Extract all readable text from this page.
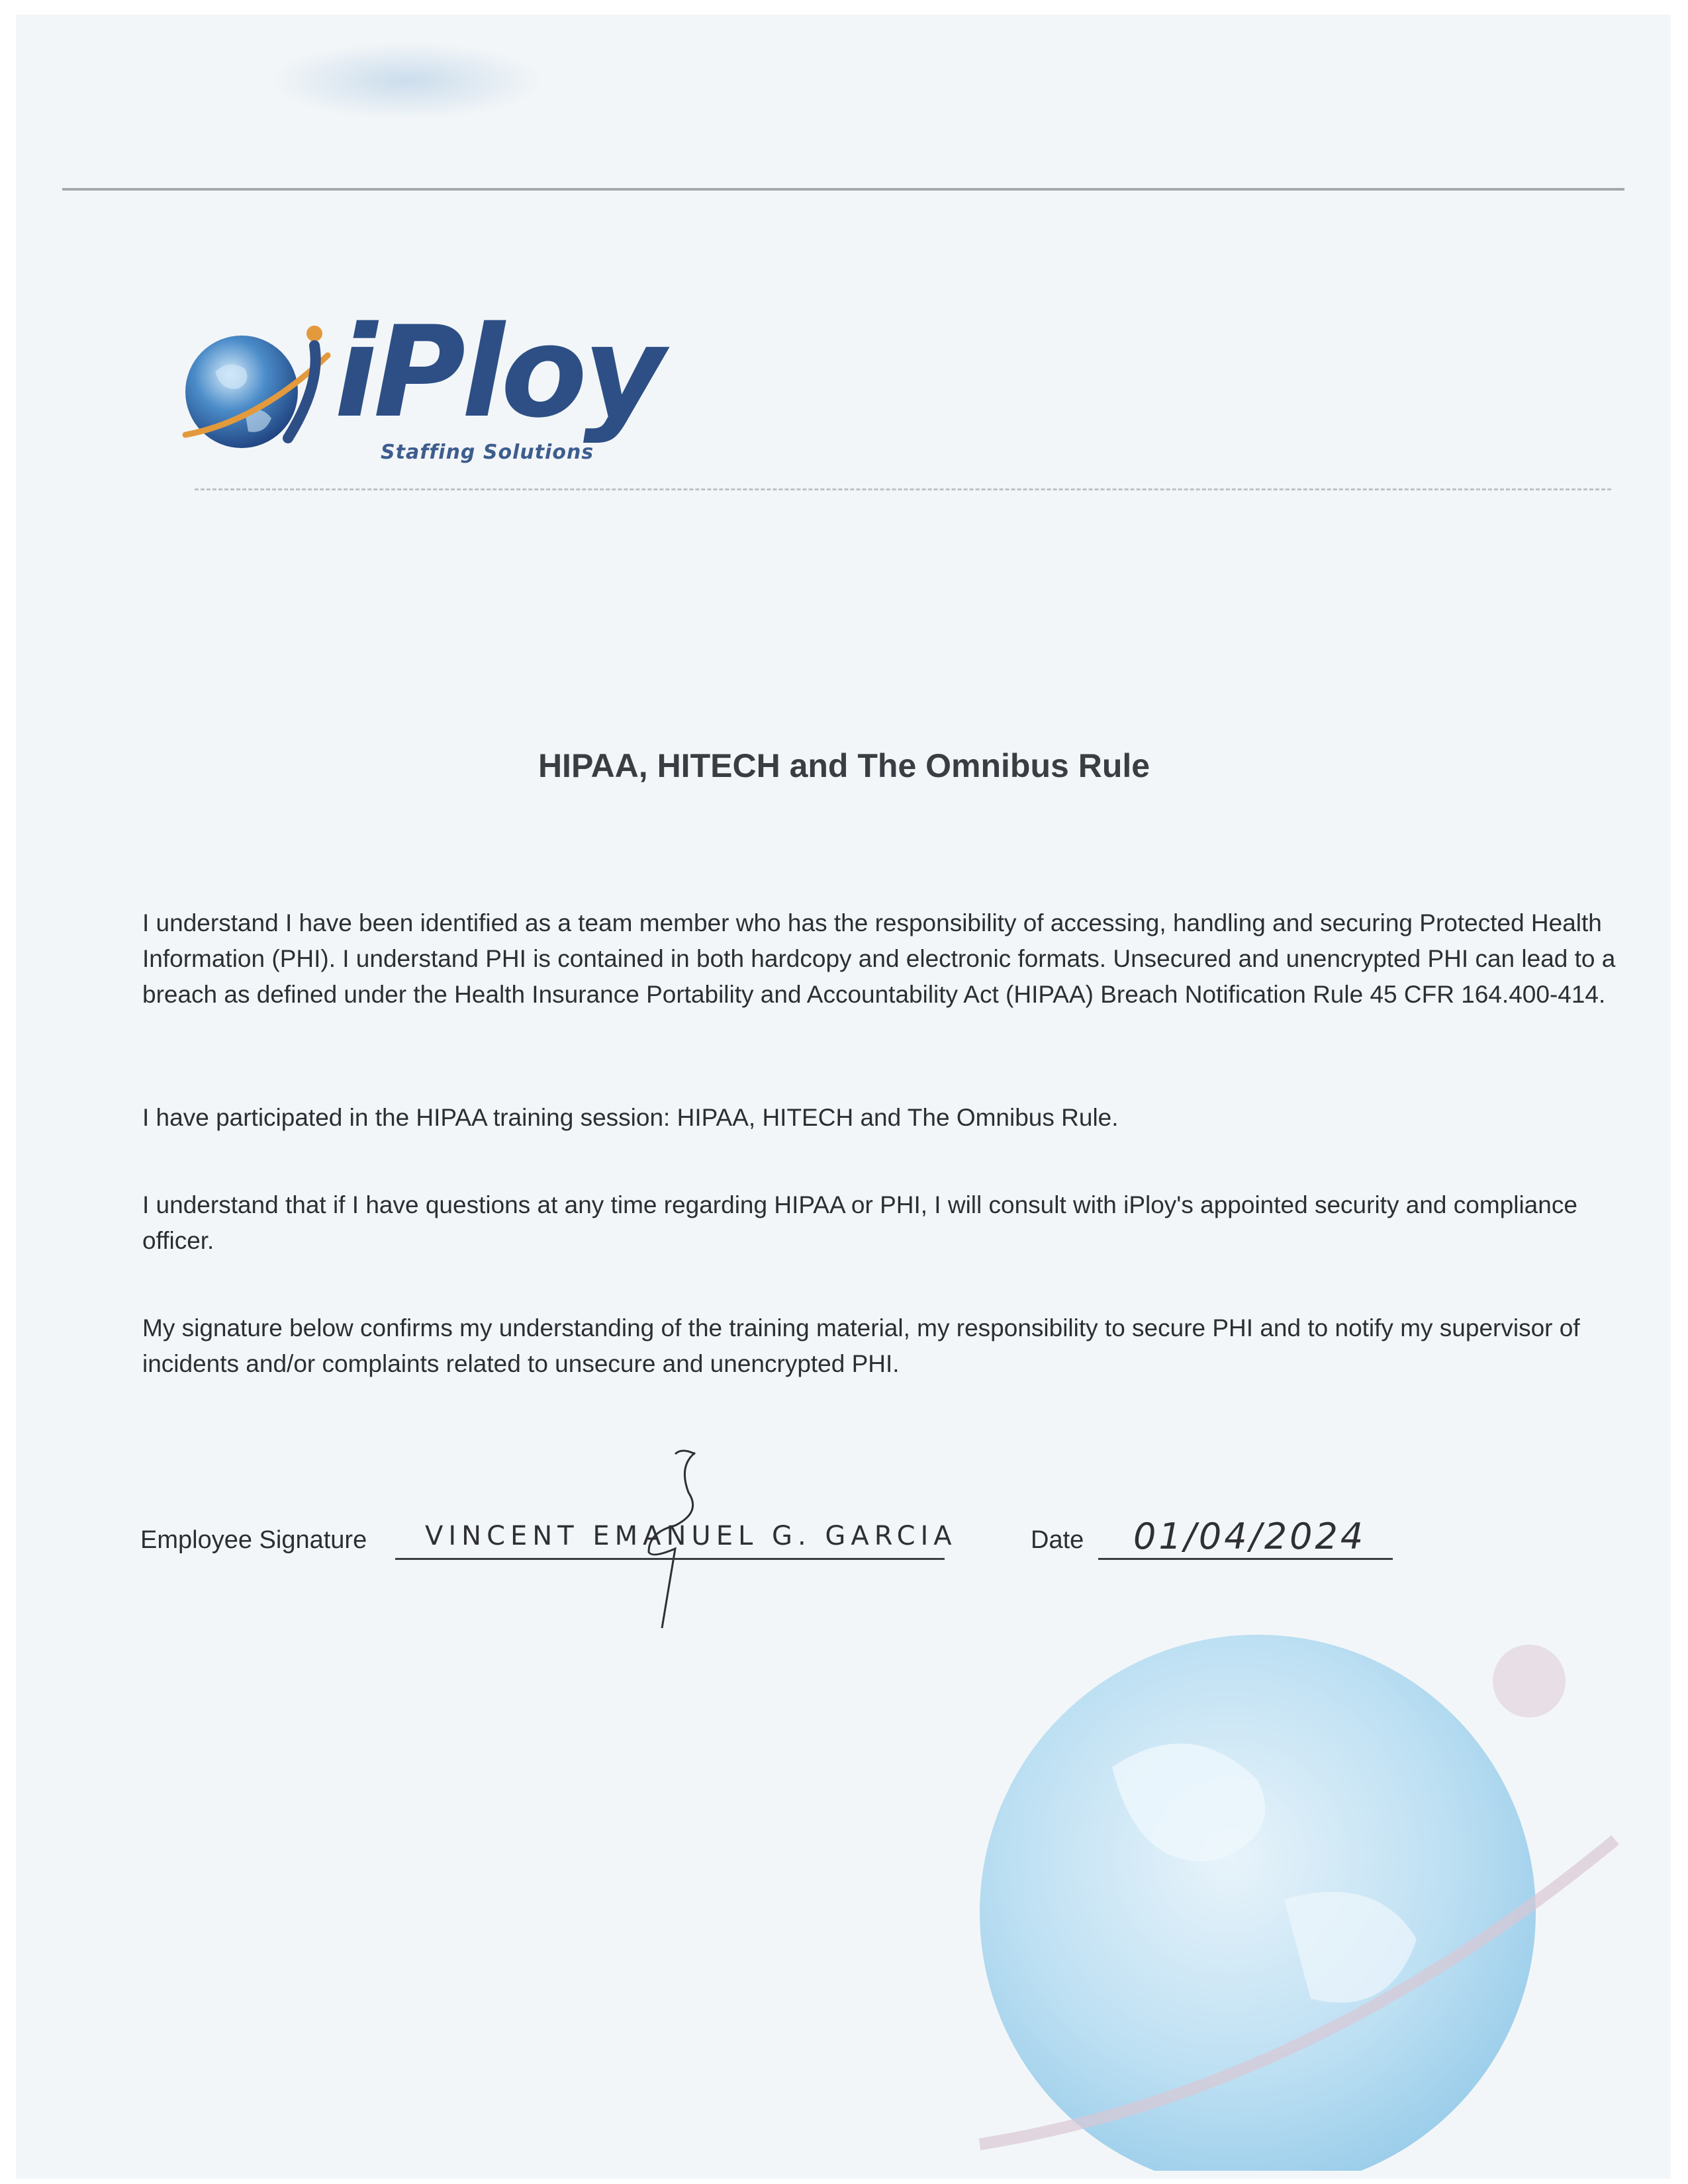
iPloy
Staffing Solutions
HIPAA, HITECH and The Omnibus Rule

I understand I have been identified as a team member who has the responsibility of accessing, handling and securing Protected Health Information (PHI). I understand PHI is contained in both hardcopy and electronic formats. Unsecured and unencrypted PHI can lead to a breach as defined under the Health Insurance Portability and Accountability Act (HIPAA) Breach Notification Rule 45 CFR 164.400-414.

I have participated in the HIPAA training session: HIPAA, HITECH and The Omnibus Rule.

I understand that if I have questions at any time regarding HIPAA or PHI, I will consult with iPloy's appointed security and compliance officer.

My signature below confirms my understanding of the training material, my responsibility to secure PHI and to notify my supervisor of incidents and/or complaints related to unsecure and unencrypted PHI.

Employee Signature VINCENT EMANUEL G. GARCIA	Date 01/04/2024
